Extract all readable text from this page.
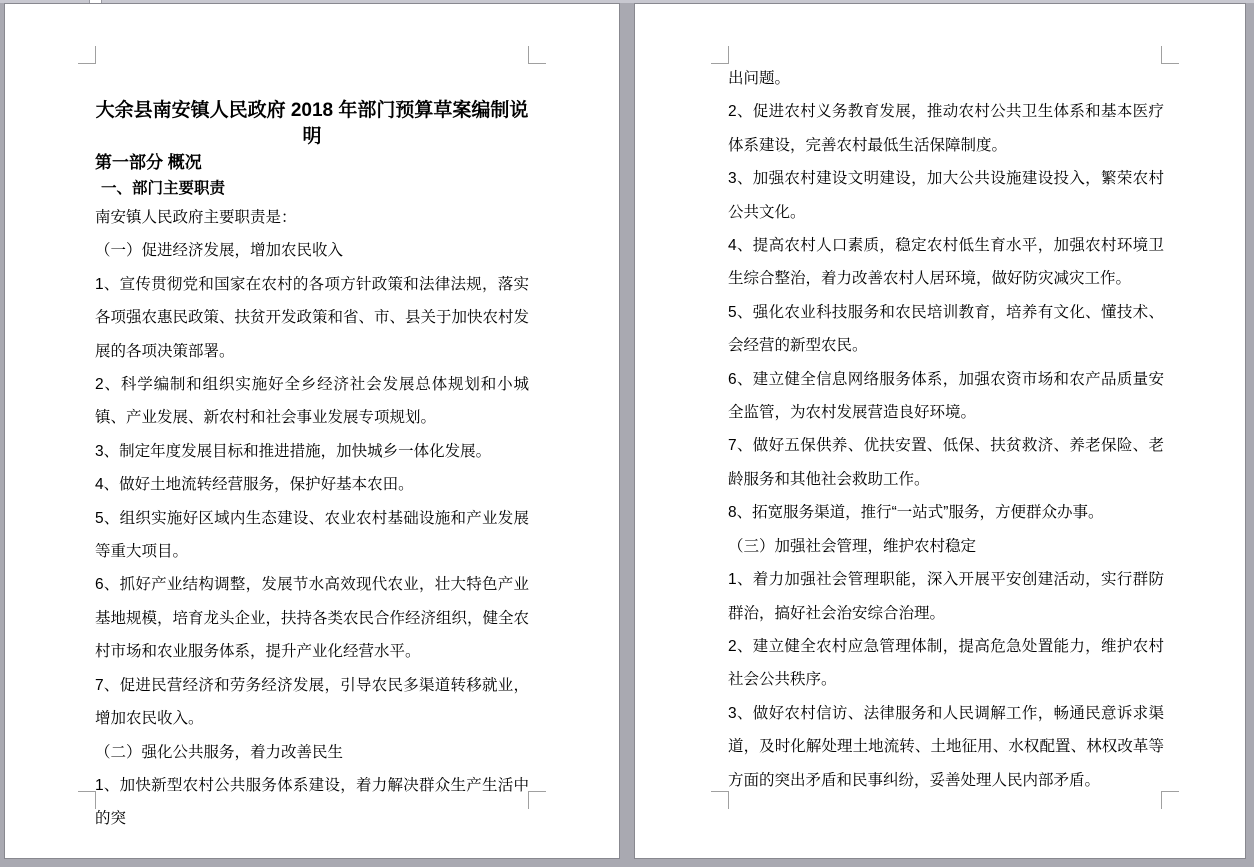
大余县南安镇人民政府 2018 年部门预算草案编制说明

第一部分 概况

一、部门主要职责

南安镇人民政府主要职责是：

（一）促进经济发展，增加农民收入

1、宣传贯彻党和国家在农村的各项方针政策和法律法规，落实各项强农惠民政策、扶贫开发政策和省、市、县关于加快农村发展的各项决策部署。

2、科学编制和组织实施好全乡经济社会发展总体规划和小城镇、产业发展、新农村和社会事业发展专项规划。

3、制定年度发展目标和推进措施，加快城乡一体化发展。

4、做好土地流转经营服务，保护好基本农田。

5、组织实施好区域内生态建设、农业农村基础设施和产业发展等重大项目。

6、抓好产业结构调整，发展节水高效现代农业，壮大特色产业基地规模，培育龙头企业，扶持各类农民合作经济组织，健全农村市场和农业服务体系，提升产业化经营水平。

7、促进民营经济和劳务经济发展，引导农民多渠道转移就业，增加农民收入。

（二）强化公共服务，着力改善民生

1、加快新型农村公共服务体系建设，着力解决群众生产生活中的突

出问题。

2、促进农村义务教育发展，推动农村公共卫生体系和基本医疗体系建设，完善农村最低生活保障制度。

3、加强农村建设文明建设，加大公共设施建设投入，繁荣农村公共文化。

4、提高农村人口素质，稳定农村低生育水平，加强农村环境卫生综合整治，着力改善农村人居环境，做好防灾减灾工作。

5、强化农业科技服务和农民培训教育，培养有文化、懂技术、会经营的新型农民。

6、建立健全信息网络服务体系，加强农资市场和农产品质量安全监管，为农村发展营造良好环境。

7、做好五保供养、优扶安置、低保、扶贫救济、养老保险、老龄服务和其他社会救助工作。

8、拓宽服务渠道，推行“一站式”服务，方便群众办事。

（三）加强社会管理，维护农村稳定

1、着力加强社会管理职能，深入开展平安创建活动，实行群防群治，搞好社会治安综合治理。

2、建立健全农村应急管理体制，提高危急处置能力，维护农村社会公共秩序。

3、做好农村信访、法律服务和人民调解工作，畅通民意诉求渠道，及时化解处理土地流转、土地征用、水权配置、林权改革等方面的突出矛盾和民事纠纷，妥善处理人民内部矛盾。
